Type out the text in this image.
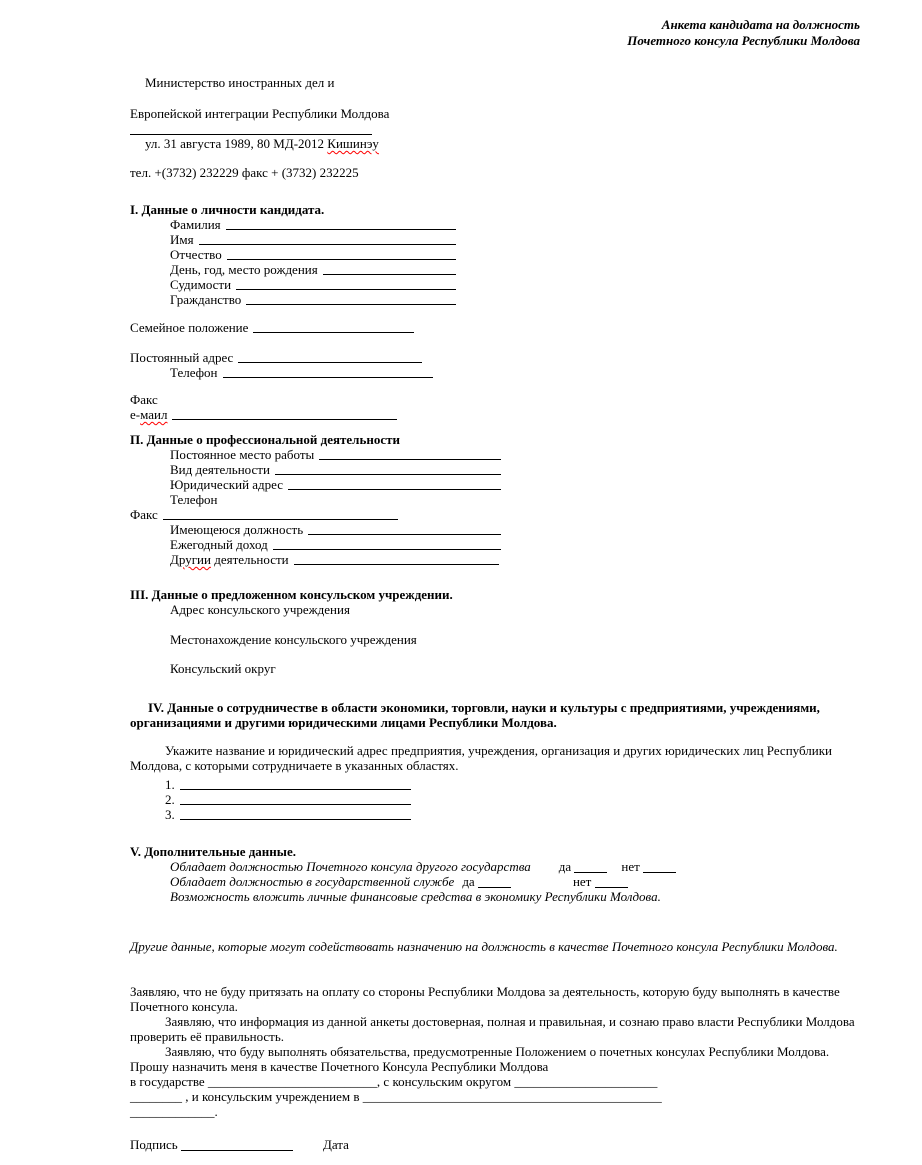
Анкета кандидата на должность
Почетного консула Республики Молдова
Министерство иностранных дел и
Европейской интеграции Республики Молдова
ул. 31 августа 1989, 80 МД-2012 Кишинэу
тел. +(3732) 232229 факс + (3732) 232225
I. Данные о личности кандидата.
Фамилия
Имя
Отчество
День, год, место рождения
Судимости
Гражданство
Семейное положение
Постоянный адрес
Телефон
Факс
е-маил
П. Данные о профессиональной деятельности
Постоянное место работы
Вид деятельности
Юридический адрес
Телефон
Факс
Имеющеюся должность
Ежегодный доход
Другии деятельности
III. Данные о предложенном консульском учреждении.
Адрес консульского учреждения
Местонахождение консульского учреждения
Консульский округ
IV. Данные о сотрудничестве в области экономики, торговли, науки и культуры с предприятиями, учреждениями, организациями и другими юридическими лицами Республики Молдова.
Укажите название и юридический адрес предприятия, учреждения, организация и других юридических лиц Республики Молдова, с которыми сотрудничаете в указанных областях.
1.
2.
3.
V. Дополнительные данные.
Обладает должностью Почетного консула другого государства да	нет
Обладает должностью в государственной службе да	нет
Возможность вложить личные финансовые средства в экономику Республики Молдова.
Другие данные, которые могут содействовать назначению на должность в качестве Почетного консула Республики Молдова.

Заявляю, что не буду притязать на оплату со стороны Республики Молдова за деятельность, которую буду выполнять в качестве Почетного консула.

Заявляю, что информация из данной анкеты достоверная, полная и правильная, и сознаю право власти Республики Молдова проверить её правильность.

Заявляю, что буду выполнять обязательства, предусмотренные Положением о почетных консулах Республики Молдова.

Прошу назначить меня в качестве Почетного Консула Республики Молдова

в государстве __________________________, с консульским округом ______________________

________ , и консульским учреждением в ______________________________________________

_____________.

Подпись	Дата
